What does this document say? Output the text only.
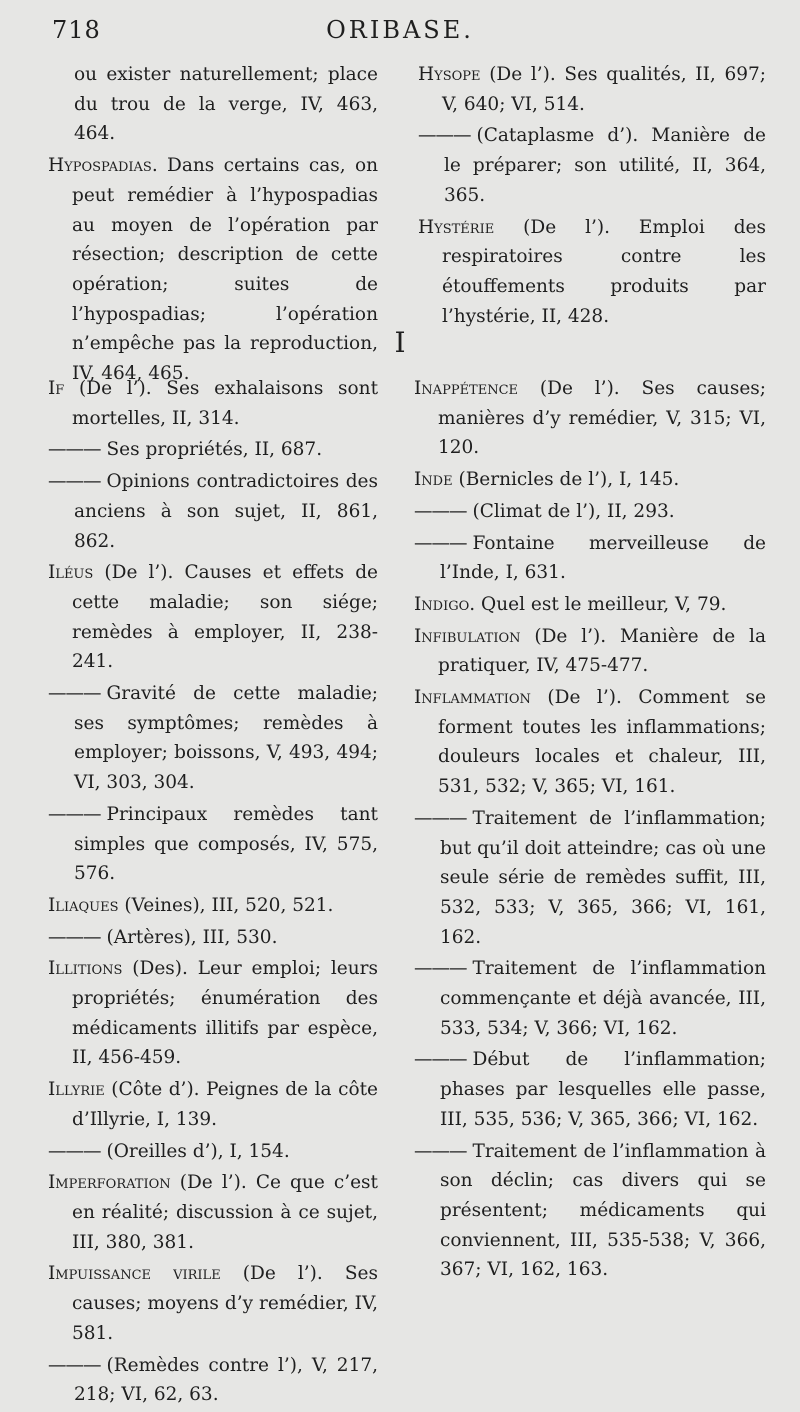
718	ORIBASE.

ou exister naturellement; place du trou de la verge, IV, 463, 464.

Hypospadias. Dans certains cas, on peut remédier à l’hypospadias au moyen de l’opération par résection; description de cette opération; suites de l’hypospadias; l’opération n’empêche pas la reproduction, IV, 464, 465.

Hysope (De l’). Ses qualités, II, 697; V, 640; VI, 514.

——— (Cataplasme d’). Manière de le préparer; son utilité, II, 364, 365.

Hystérie (De l’). Emploi des respiratoires contre les étouffements produits par l’hystérie, II, 428.

I

If (De l’). Ses exhalaisons sont mortelles, II, 314.

——— Ses propriétés, II, 687.

——— Opinions contradictoires des anciens à son sujet, II, 861, 862.

Iléus (De l’). Causes et effets de cette maladie; son siége; remèdes à employer, II, 238-241.

——— Gravité de cette maladie; ses symptômes; remèdes à employer; boissons, V, 493, 494; VI, 303, 304.

——— Principaux remèdes tant simples que composés, IV, 575, 576.

Iliaques (Veines), III, 520, 521.

——— (Artères), III, 530.

Illitions (Des). Leur emploi; leurs propriétés; énumération des médicaments illitifs par espèce, II, 456-459.

Illyrie (Côte d’). Peignes de la côte d’Illyrie, I, 139.

——— (Oreilles d’), I, 154.

Imperforation (De l’). Ce que c’est en réalité; discussion à ce sujet, III, 380, 381.

Impuissance virile (De l’). Ses causes; moyens d’y remédier, IV, 581.

——— (Remèdes contre l’), V, 217, 218; VI, 62, 63.

Inappétence (De l’). Ses causes; manières d’y remédier, V, 315; VI, 120.

Inde (Bernicles de l’), I, 145.

——— (Climat de l’), II, 293.

——— Fontaine merveilleuse de l’Inde, I, 631.

Indigo. Quel est le meilleur, V, 79.

Infibulation (De l’). Manière de la pratiquer, IV, 475-477.

Inflammation (De l’). Comment se forment toutes les inflammations; douleurs locales et chaleur, III, 531, 532; V, 365; VI, 161.

——— Traitement de l’inflammation; but qu’il doit atteindre; cas où une seule série de remèdes suffit, III, 532, 533; V, 365, 366; VI, 161, 162.

——— Traitement de l’inflammation commençante et déjà avancée, III, 533, 534; V, 366; VI, 162.

——— Début de l’inflammation; phases par lesquelles elle passe, III, 535, 536; V, 365, 366; VI, 162.

——— Traitement de l’inflammation à son déclin; cas divers qui se présentent; médicaments qui conviennent, III, 535-538; V, 366, 367; VI, 162, 163.
